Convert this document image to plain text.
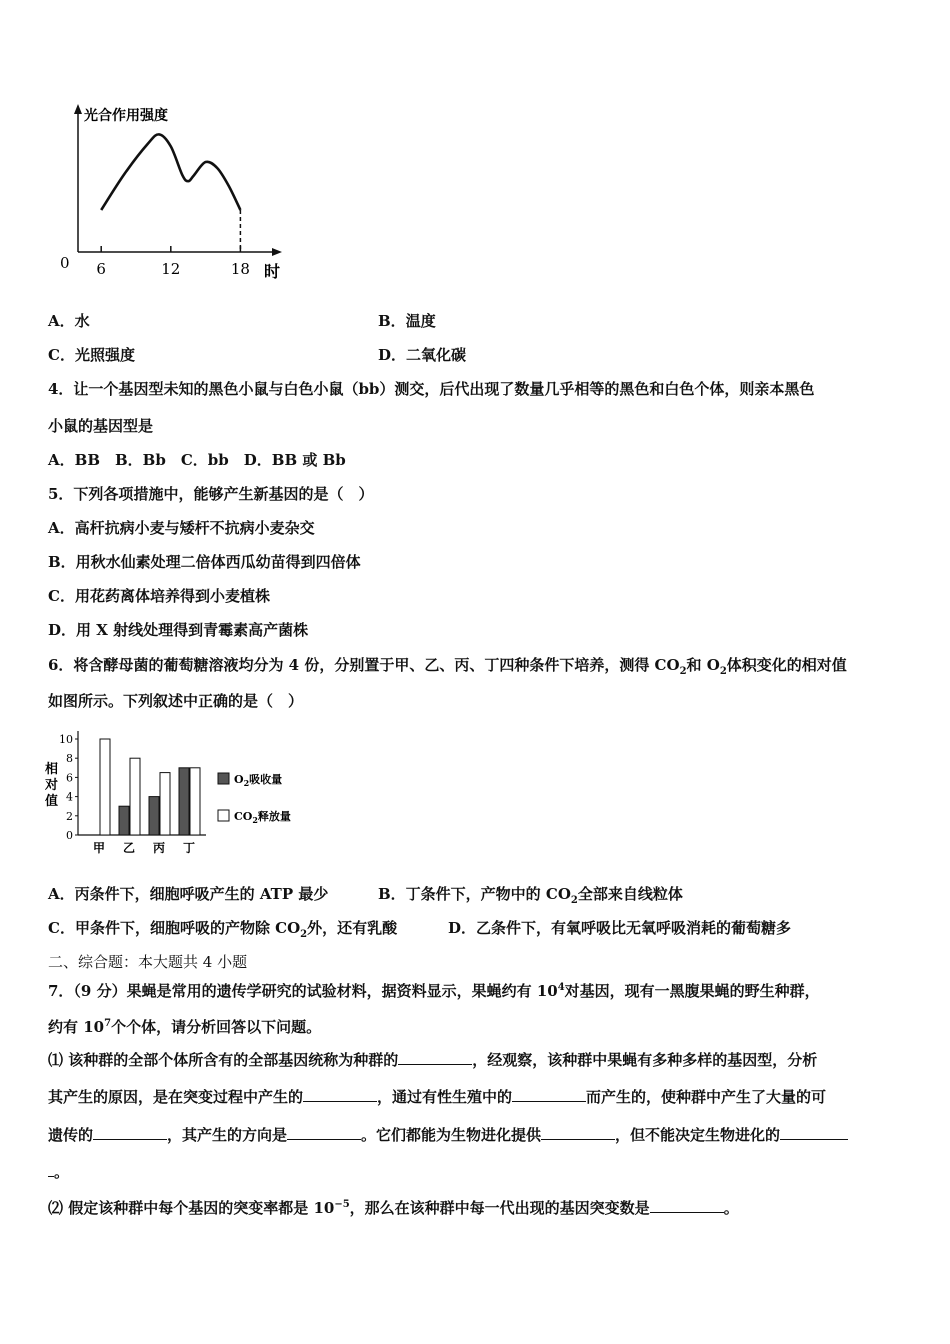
光合作用强度
0 6	12	18 时
A．水	B．温度
C．光照强度	D．二氧化碳
4．让一个基因型未知的黑色小鼠与白色小鼠（bb）测交，后代出现了数量几乎相等的黑色和白色个体，则亲本黑色
小鼠的基因型是
A．BB　B．Bb　C．bb　D．BB 或 Bb
5．下列各项措施中，能够产生新基因的是（　）
A．高杆抗病小麦与矮杆不抗病小麦杂交
B．用秋水仙素处理二倍体西瓜幼苗得到四倍体
C．用花药离体培养得到小麦植株
D．用 X 射线处理得到青霉素高产菌株
6．将含酵母菌的葡萄糖溶液均分为 4 份，分别置于甲、乙、丙、丁四种条件下培养，测得 $CO_2$和 $O_2$体积变化的相对值
如图所示。下列叙述中正确的是（　）
相对值
0
2
4
6
8
10
甲 乙 丙 丁
$O_2$吸收量
$CO_2$释放量
A．丙条件下，细胞呼吸产生的 ATP 最少	B．丁条件下，产物中的 $CO_2$全部来自线粒体
C．甲条件下，细胞呼吸的产物除 $CO_2$外，还有乳酸	D．乙条件下，有氧呼吸比无氧呼吸消耗的葡萄糖多
二、综合题：本大题共 4 小题
7．（9 分）果蝇是常用的遗传学研究的试验材料，据资料显示，果蝇约有 $10^4$对基因，现有一黑腹果蝇的野生种群，
约有 $10^7$个个体，请分析回答以下问题。
⑴ 该种群的全部个体所含有的全部基因统称为种群的	，经观察，该种群中果蝇有多种多样的基因型，分析
其产生的原因，是在突变过程中产生的	，通过有性生殖中的	而产生的，使种群中产生了大量的可
遗传的	，其产生的方向是	。它们都能为生物进化提供	，但不能决定生物进化的
。
⑵ 假定该种群中每个基因的突变率都是 $10^{-5}$，那么在该种群中每一代出现的基因突变数是	。
